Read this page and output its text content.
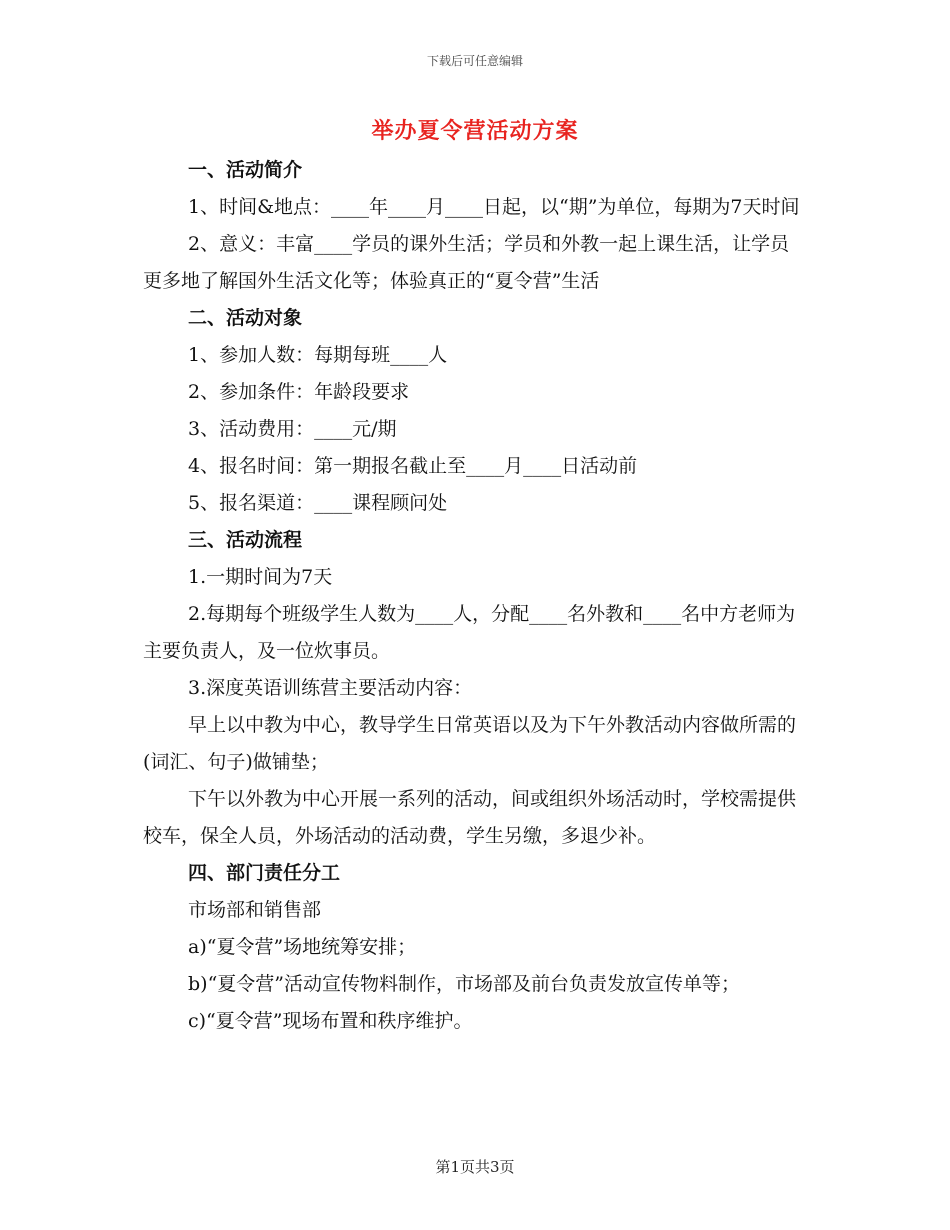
下载后可任意编辑
举办夏令营活动方案

一、活动简介

1、时间&地点：____年____月____日起，以“期”为单位，每期为7天时间

2、意义：丰富____学员的课外生活；学员和外教一起上课生活，让学员更多地了解国外生活文化等；体验真正的“夏令营”生活

二、活动对象

1、参加人数：每期每班____人

2、参加条件：年龄段要求

3、活动费用：____元/期

4、报名时间：第一期报名截止至____月____日活动前

5、报名渠道：____课程顾问处

三、活动流程

1.一期时间为7天

2.每期每个班级学生人数为____人，分配____名外教和____名中方老师为主要负责人，及一位炊事员。

3.深度英语训练营主要活动内容：

早上以中教为中心，教导学生日常英语以及为下午外教活动内容做所需的(词汇、句子)做铺垫；

下午以外教为中心开展一系列的活动，间或组织外场活动时，学校需提供校车，保全人员，外场活动的活动费，学生另缴，多退少补。

四、部门责任分工

市场部和销售部

a)“夏令营”场地统筹安排；

b)“夏令营”活动宣传物料制作，市场部及前台负责发放宣传单等；

c)“夏令营”现场布置和秩序维护。

第1页共3页
